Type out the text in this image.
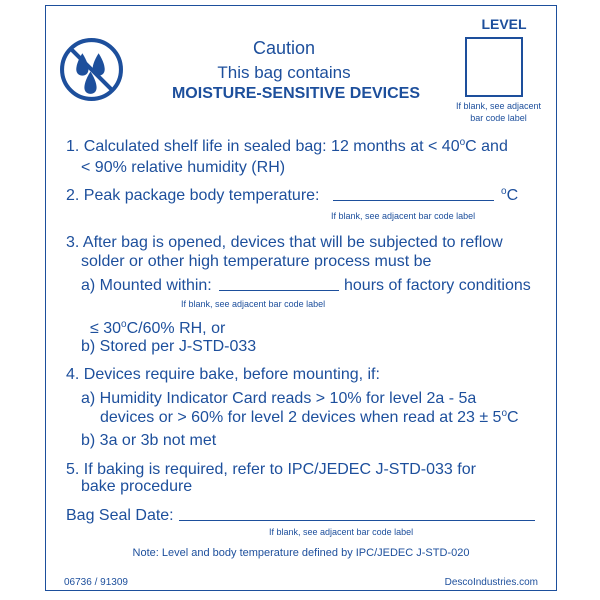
Caution
This bag contains
MOISTURE-SENSITIVE DEVICES
LEVEL
If blank, see adjacent bar code label
1. Calculated shelf life in sealed bag: 12 months at < $40^oC$ and
< 90% relative humidity (RH)
2. Peak package body temperature:	$^o$C
If blank, see adjacent bar code label
3. After bag is opened, devices that will be subjected to reflow
solder or other high temperature process must be
a) Mounted within:	hours of factory conditions
If blank, see adjacent bar code label
≤ $30^oC/60\%$ RH, or
b) Stored per J-STD-033
4. Devices require bake, before mounting, if:
a) Humidity Indicator Card reads > 10% for level 2a - 5a
devices or > 60% for level 2 devices when read at $23 \pm 5^oC$
b) 3a or 3b not met
5. If baking is required, refer to IPC/JEDEC J-STD-033 for
bake procedure
Bag Seal Date:
If blank, see adjacent bar code label
Note: Level and body temperature defined by IPC/JEDEC J-STD-020
06736 / 91309	DescoIndustries.com
